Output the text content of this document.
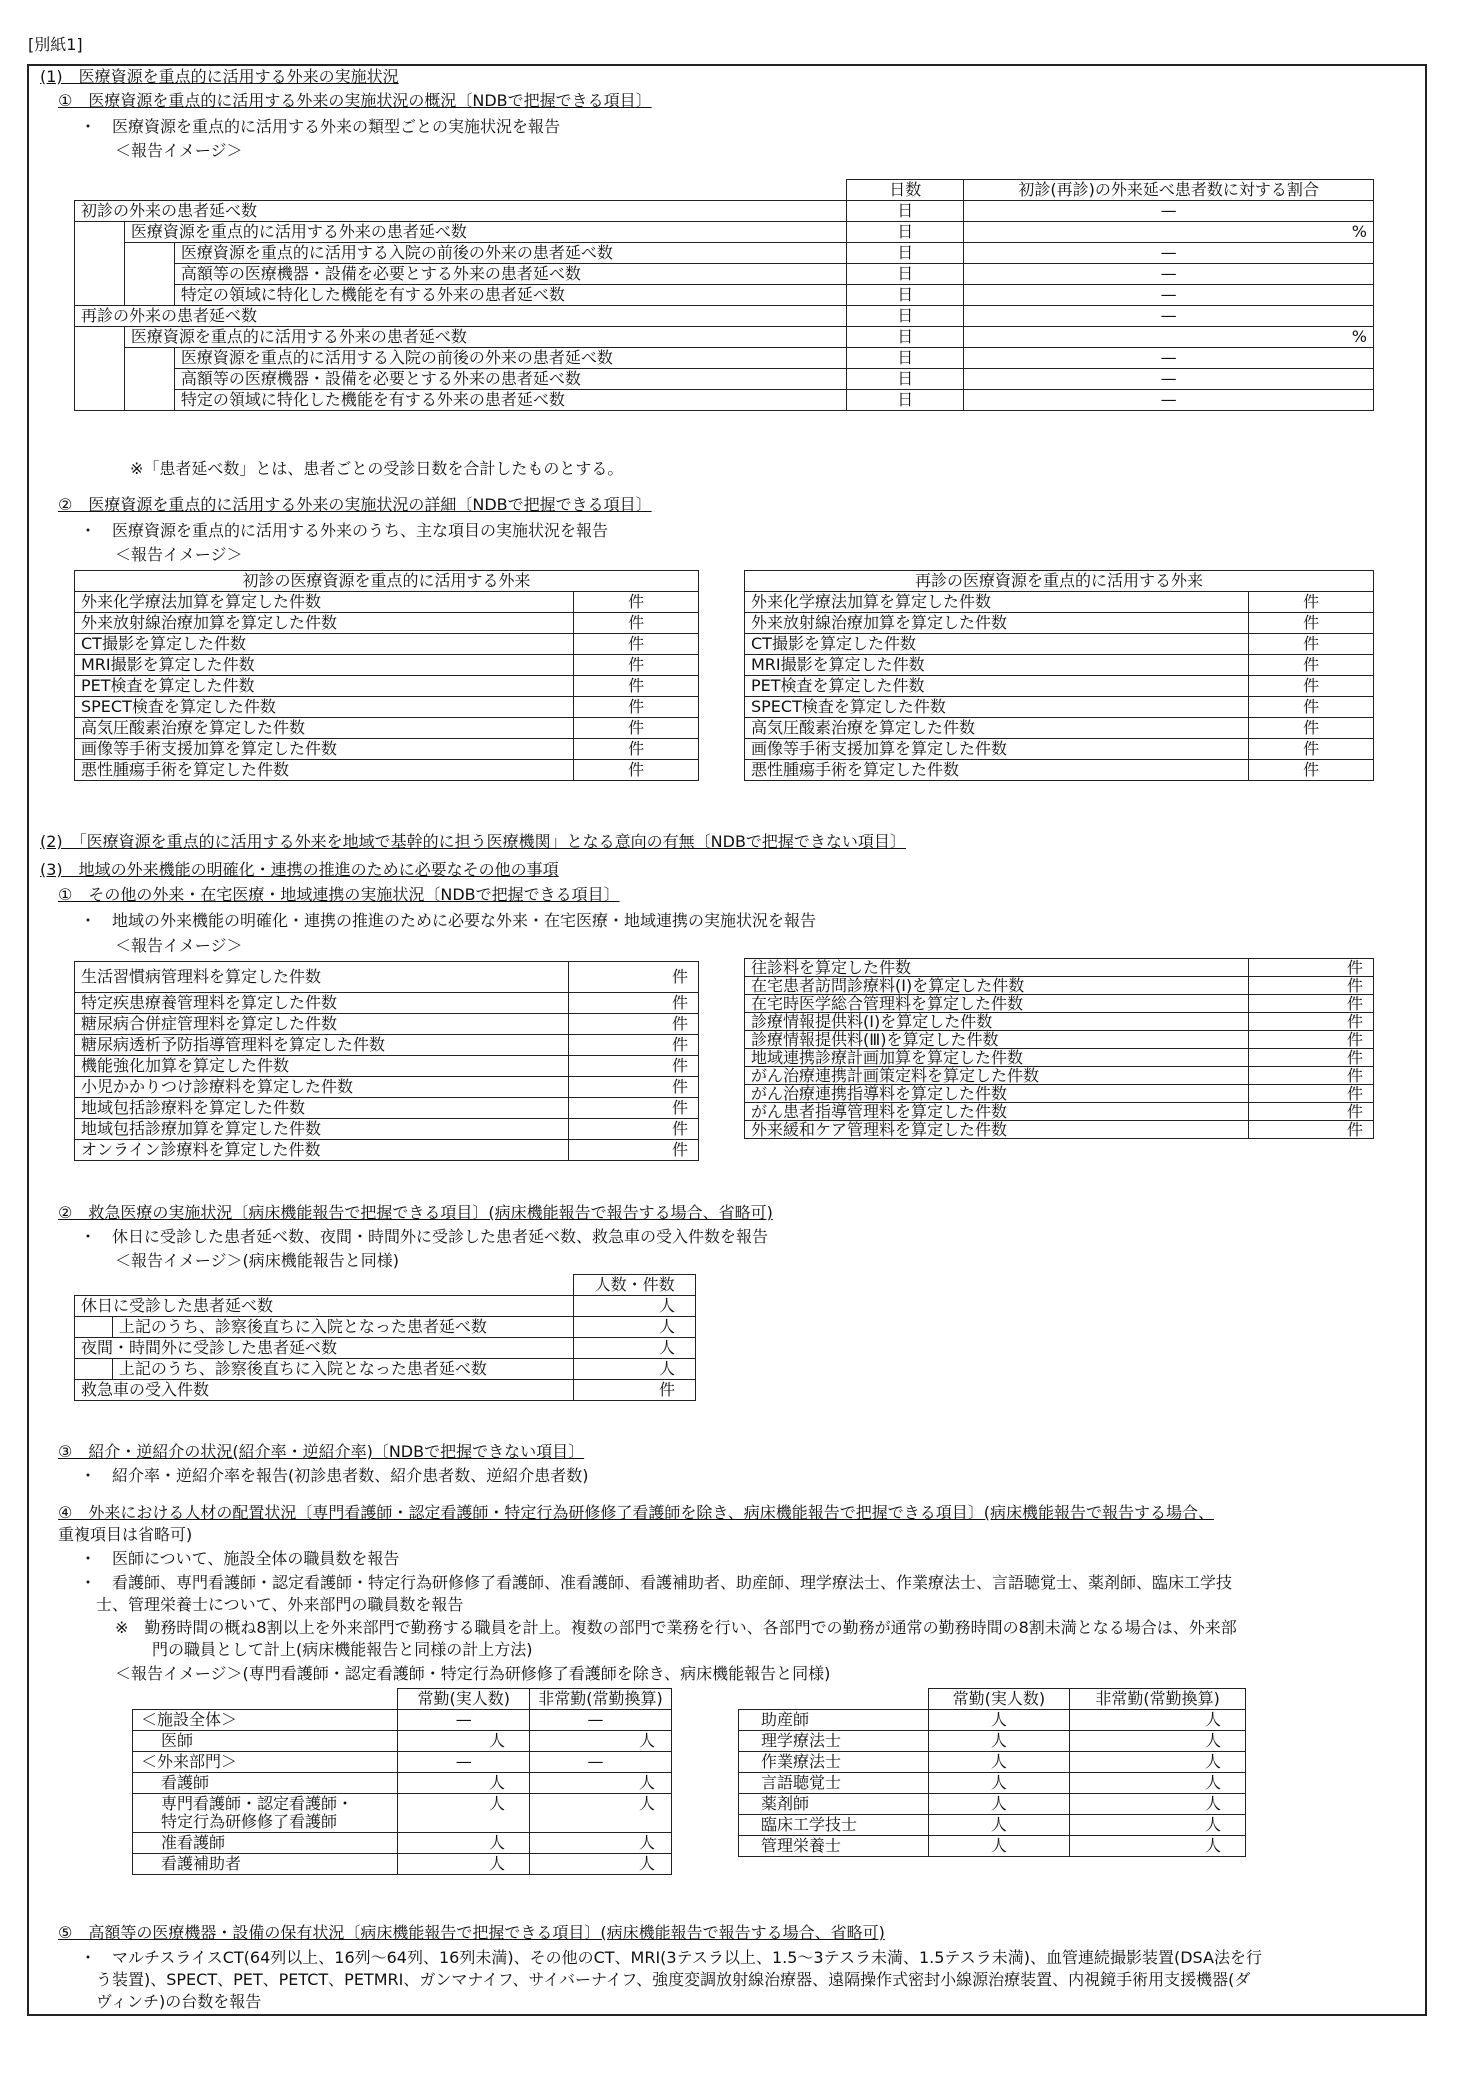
[別紙1]
(1)　医療資源を重点的に活用する外来の実施状況
①　医療資源を重点的に活用する外来の実施状況の概況〔NDBで把握できる項目〕
・　医療資源を重点的に活用する外来の類型ごとの実施状況を報告
＜報告イメージ＞
			日数	初診(再診)の外来延べ患者数に対する割合
初診の外来の患者延べ数			日	—
	医療資源を重点的に活用する外来の患者延べ数		日	%
		医療資源を重点的に活用する入院の前後の外来の患者延べ数	日	—
		高額等の医療機器・設備を必要とする外来の患者延べ数	日	—
		特定の領域に特化した機能を有する外来の患者延べ数	日	—
再診の外来の患者延べ数			日	—
	医療資源を重点的に活用する外来の患者延べ数		日	%
		医療資源を重点的に活用する入院の前後の外来の患者延べ数	日	—
		高額等の医療機器・設備を必要とする外来の患者延べ数	日	—
		特定の領域に特化した機能を有する外来の患者延べ数	日	—
※「患者延べ数」とは、患者ごとの受診日数を合計したものとする。
②　医療資源を重点的に活用する外来の実施状況の詳細〔NDBで把握できる項目〕
・　医療資源を重点的に活用する外来のうち、主な項目の実施状況を報告
＜報告イメージ＞
初診の医療資源を重点的に活用する外来	
外来化学療法加算を算定した件数	件
外来放射線治療加算を算定した件数	件
CT撮影を算定した件数	件
MRI撮影を算定した件数	件
PET検査を算定した件数	件
SPECT検査を算定した件数	件
高気圧酸素治療を算定した件数	件
画像等手術支援加算を算定した件数	件
悪性腫瘍手術を算定した件数	件
再診の医療資源を重点的に活用する外来	
外来化学療法加算を算定した件数	件
外来放射線治療加算を算定した件数	件
CT撮影を算定した件数	件
MRI撮影を算定した件数	件
PET検査を算定した件数	件
SPECT検査を算定した件数	件
高気圧酸素治療を算定した件数	件
画像等手術支援加算を算定した件数	件
悪性腫瘍手術を算定した件数	件
(2)　「医療資源を重点的に活用する外来を地域で基幹的に担う医療機関」となる意向の有無〔NDBで把握できない項目〕
(3)　地域の外来機能の明確化・連携の推進のために必要なその他の事項
①　その他の外来・在宅医療・地域連携の実施状況〔NDBで把握できる項目〕
・　地域の外来機能の明確化・連携の推進のために必要な外来・在宅医療・地域連携の実施状況を報告
＜報告イメージ＞
生活習慣病管理料を算定した件数	件
特定疾患療養管理料を算定した件数	件
糖尿病合併症管理料を算定した件数	件
糖尿病透析予防指導管理料を算定した件数	件
機能強化加算を算定した件数	件
小児かかりつけ診療料を算定した件数	件
地域包括診療料を算定した件数	件
地域包括診療加算を算定した件数	件
オンライン診療料を算定した件数	件
往診料を算定した件数	件
在宅患者訪問診療料(Ⅰ)を算定した件数	件
在宅時医学総合管理料を算定した件数	件
診療情報提供料(Ⅰ)を算定した件数	件
診療情報提供料(Ⅲ)を算定した件数	件
地域連携診療計画加算を算定した件数	件
がん治療連携計画策定料を算定した件数	件
がん治療連携指導料を算定した件数	件
がん患者指導管理料を算定した件数	件
外来緩和ケア管理料を算定した件数	件
②　救急医療の実施状況〔病床機能報告で把握できる項目〕(病床機能報告で報告する場合、省略可)
・　休日に受診した患者延べ数、夜間・時間外に受診した患者延べ数、救急車の受入件数を報告
＜報告イメージ＞(病床機能報告と同様)
		人数・件数
休日に受診した患者延べ数		人
	上記のうち、診察後直ちに入院となった患者延べ数	人
夜間・時間外に受診した患者延べ数		人
	上記のうち、診察後直ちに入院となった患者延べ数	人
救急車の受入件数		件
③　紹介・逆紹介の状況(紹介率・逆紹介率)〔NDBで把握できない項目〕
・　紹介率・逆紹介率を報告(初診患者数、紹介患者数、逆紹介患者数)
④　外来における人材の配置状況〔専門看護師・認定看護師・特定行為研修修了看護師を除き、病床機能報告で把握できる項目〕(病床機能報告で報告する場合、
重複項目は省略可)
・　医師について、施設全体の職員数を報告
・　看護師、専門看護師・認定看護師・特定行為研修修了看護師、准看護師、看護補助者、助産師、理学療法士、作業療法士、言語聴覚士、薬剤師、臨床工学技
士、管理栄養士について、外来部門の職員数を報告
※　勤務時間の概ね8割以上を外来部門で勤務する職員を計上。複数の部門で業務を行い、各部門での勤務が通常の勤務時間の8割未満となる場合は、外来部
門の職員として計上(病床機能報告と同様の計上方法)
＜報告イメージ＞(専門看護師・認定看護師・特定行為研修修了看護師を除き、病床機能報告と同様)
	常勤(実人数)	非常勤(常勤換算)

＜施設全体＞	—	—

医師	人	人

＜外来部門＞	—	—

看護師	人	人

専門看護師・認定看護師・
特定行為研修修了看護師	人	人

准看護師	人	人

看護補助者	人	人
	常勤(実人数)	非常勤(常勤換算)
助産師	人	人
理学療法士	人	人
作業療法士	人	人
言語聴覚士	人	人
薬剤師	人	人
臨床工学技士	人	人
管理栄養士	人	人
⑤　高額等の医療機器・設備の保有状況〔病床機能報告で把握できる項目〕(病床機能報告で報告する場合、省略可)
・　マルチスライスCT(64列以上、16列～64列、16列未満)、その他のCT、MRI(3テスラ以上、1.5～3テスラ未満、1.5テスラ未満)、血管連続撮影装置(DSA法を行
う装置)、SPECT、PET、PETCT、PETMRI、ガンマナイフ、サイバーナイフ、強度変調放射線治療器、遠隔操作式密封小線源治療装置、内視鏡手術用支援機器(ダ
ヴィンチ)の台数を報告
